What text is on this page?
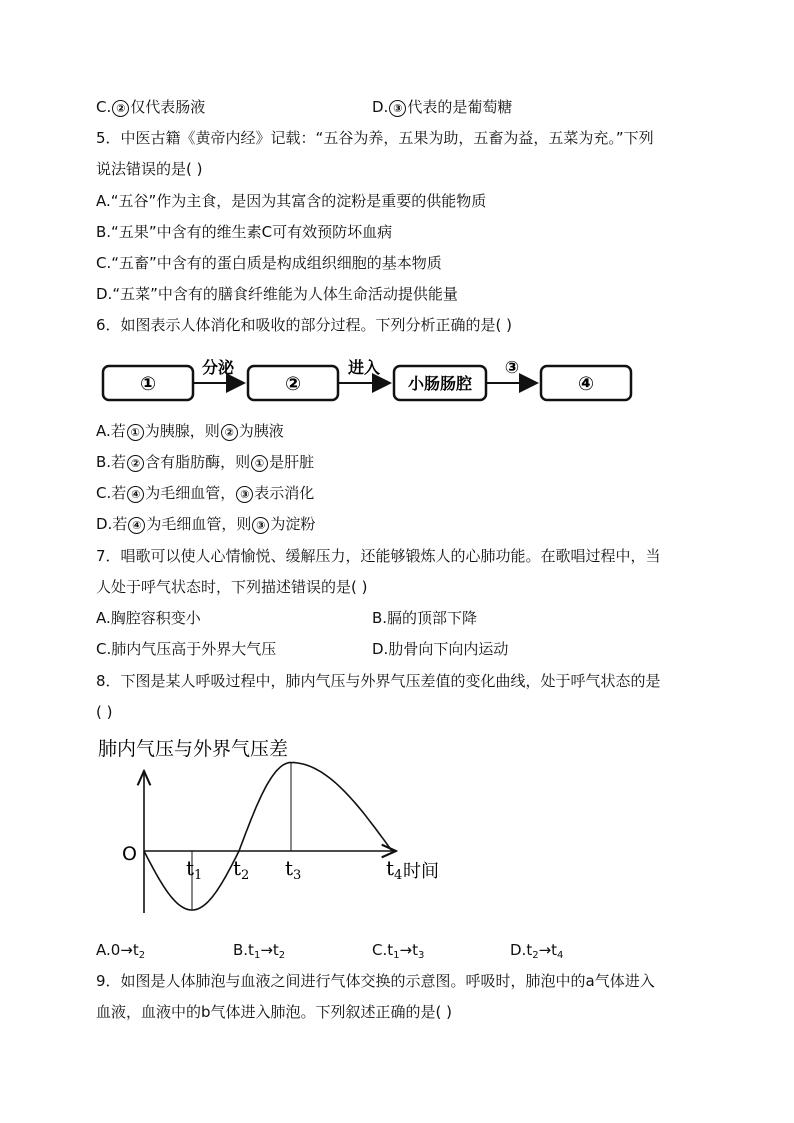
C. ② 仅代表肠液	D. ③ 代表的是葡萄糖
5．中医古籍《黄帝内经》记载：“五谷为养，五果为助，五畜为益，五菜为充。”下列
说法错误的是( )
A.“五谷”作为主食，是因为其富含的淀粉是重要的供能物质
B.“五果”中含有的维生素C可有效预防坏血病
C.“五畜”中含有的蛋白质是构成组织细胞的基本物质
D.“五菜”中含有的膳食纤维能为人体生命活动提供能量
6．如图表示人体消化和吸收的部分过程。下列分析正确的是( )
①
分泌
②
进入
小肠肠腔
③
④
A.若 ① 为胰腺，则 ② 为胰液
B.若 ② 含有脂肪酶，则 ① 是肝脏
C.若 ④ 为毛细血管， ③ 表示消化
D.若 ④ 为毛细血管，则 ③ 为淀粉
7．唱歌可以使人心情愉悦、缓解压力，还能够锻炼人的心肺功能。在歌唱过程中，当
人处于呼气状态时，下列描述错误的是( )
A.胸腔容积变小	B.膈的顶部下降
C.肺内气压高于外界大气压	D.肋骨向下向内运动
8．下图是某人呼吸过程中，肺内气压与外界气压差值的变化曲线，处于呼气状态的是
( )
肺内气压与外界气压差
O
$t_1$ $t_2$ $t_3$	$t_4$ 时间
$A.0\to t_2$	$B.t_1\to t_2$	$C.t_1\to t_3$	$D.t_2\to t_4$
9．如图是人体肺泡与血液之间进行气体交换的示意图。呼吸时，肺泡中的a气体进入
血液，血液中的b气体进入肺泡。下列叙述正确的是( )
